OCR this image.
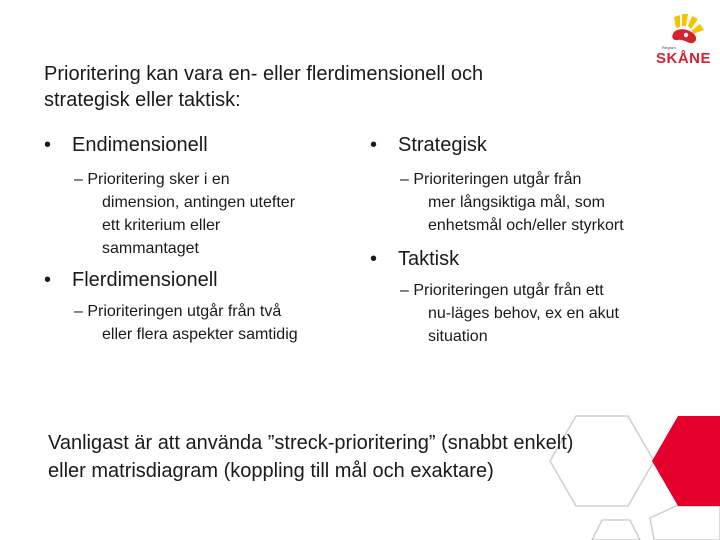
Region
SKÅNE
Prioritering kan vara en- eller flerdimensionell och
strategisk eller taktisk:
• Endimensionell
– Prioritering sker i en
dimension, antingen utefter
ett kriterium eller
sammantaget
• Flerdimensionell
– Prioriteringen utgår från två
eller flera aspekter samtidig
• Strategisk
– Prioriteringen utgår från
mer långsiktiga mål, som
enhetsmål och/eller styrkort
• Taktisk
– Prioriteringen utgår från ett
nu-läges behov, ex en akut
situation
Vanligast är att använda ”streck-prioritering” (snabbt enkelt)
eller matrisdiagram (koppling till mål och exaktare)
